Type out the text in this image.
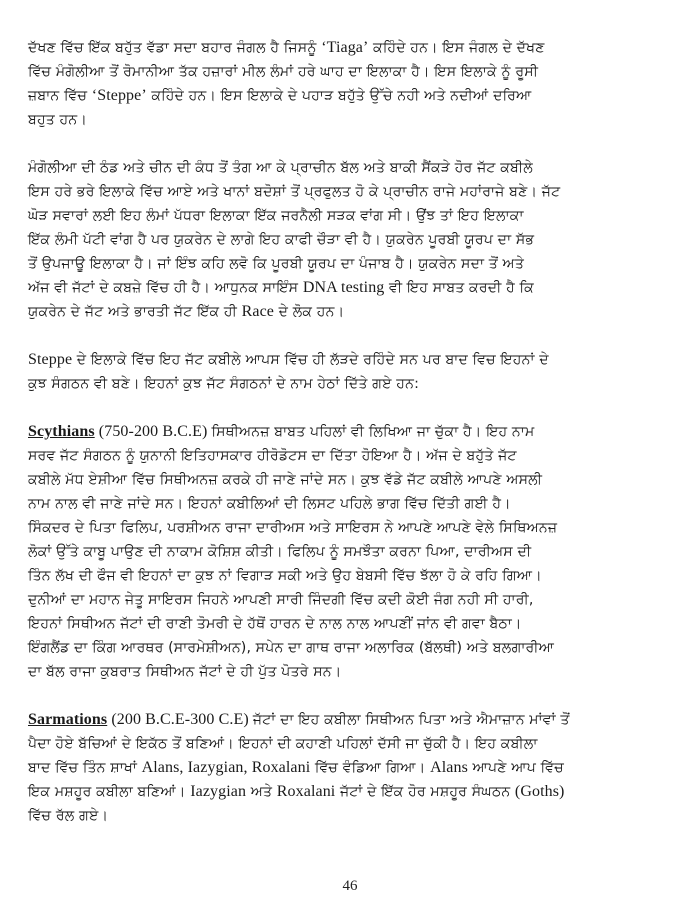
ਦੱਖਣ ਵਿੱਚ ਇੱਕ ਬਹੁੱਤ ਵੱਡਾ ਸਦਾ ਬਹਾਰ ਜੰਗਲ ਹੈ ਜਿਸਨੂੰ ‘Tiaga’ ਕਹਿੰਦੇ ਹਨ। ਇਸ ਜੰਗਲ ਦੇ ਦੱਖਣ
ਵਿੱਚ ਮੰਗੋਲੀਆ ਤੋਂ ਰੋਮਾਨੀਆ ਤੱਕ ਹਜ਼ਾਰਾਂ ਮੀਲ ਲੰਮਾਂ ਹਰੇ ਘਾਹ ਦਾ ਇਲਾਕਾ ਹੈ। ਇਸ ਇਲਾਕੇ ਨੂੰ ਰੂਸੀ
ਜ਼ਬਾਨ ਵਿੱਚ ‘Steppe’ ਕਹਿੰਦੇ ਹਨ। ਇਸ ਇਲਾਕੇ ਦੇ ਪਹਾੜ ਬਹੁੱਤੇ ਉੱਚੇ ਨਹੀ ਅਤੇ ਨਦੀਆਂ ਦਰਿਆ
ਬਹੁਤ ਹਨ।
ਮੰਗੋਲੀਆ ਦੀ ਠੰਡ ਅਤੇ ਚੀਨ ਦੀ ਕੰਧ ਤੋਂ ਤੰਗ ਆ ਕੇ ਪ੍ਰਾਚੀਨ ਬੱਲ ਅਤੇ ਬਾਕੀ ਸੈਂਕੜੇ ਹੋਰ ਜੱਟ ਕਬੀਲੇ
ਇਸ ਹਰੇ ਭਰੇ ਇਲਾਕੇ ਵਿੱਚ ਆਏ ਅਤੇ ਖਾਨਾਂ ਬਦੋਸ਼ਾਂ ਤੋਂ ਪ੍ਰਫੁਲਤ ਹੋ ਕੇ ਪ੍ਰਾਚੀਨ ਰਾਜੇ ਮਹਾਂਰਾਜੇ ਬਣੇ। ਜੱਟ
ਘੋੜ ਸਵਾਰਾਂ ਲਈ ਇਹ ਲੰਮਾਂ ਪੱਧਰਾ ਇਲਾਕਾ ਇੱਕ ਜਰਨੈਲੀ ਸੜਕ ਵਾਂਗ ਸੀ। ਉਂਝ ਤਾਂ ਇਹ ਇਲਾਕਾ
ਇੱਕ ਲੰਮੀ ਪੱਟੀ ਵਾਂਗ ਹੈ ਪਰ ਯੁਕਰੇਨ ਦੇ ਲਾਗੇ ਇਹ ਕਾਫੀ ਚੌੜਾ ਵੀ ਹੈ। ਯੁਕਰੇਨ ਪੂਰਬੀ ਯੂਰਪ ਦਾ ਸੱਭ
ਤੋਂ ਉਪਜਾਊ ਇਲਾਕਾ ਹੈ। ਜਾਂ ਇੰਝ ਕਹਿ ਲਵੋ ਕਿ ਪੂਰਬੀ ਯੂਰਪ ਦਾ ਪੰਜਾਬ ਹੈ। ਯੁਕਰੇਨ ਸਦਾ ਤੋਂ ਅਤੇ
ਅੱਜ ਵੀ ਜੱਟਾਂ ਦੇ ਕਬਜ਼ੇ ਵਿੱਚ ਹੀ ਹੈ। ਆਧੁਨਕ ਸਾਇੰਸ DNA testing ਵੀ ਇਹ ਸਾਬਤ ਕਰਦੀ ਹੈ ਕਿ
ਯੁਕਰੇਨ ਦੇ ਜੱਟ ਅਤੇ ਭਾਰਤੀ ਜੱਟ ਇੱਕ ਹੀ Race ਦੇ ਲੋਕ ਹਨ।
Steppe ਦੇ ਇਲਾਕੇ ਵਿੱਚ ਇਹ ਜੱਟ ਕਬੀਲੇ ਆਪਸ ਵਿੱਚ ਹੀ ਲੱੜਦੇ ਰਹਿੰਦੇ ਸਨ ਪਰ ਬਾਦ ਵਿਚ ਇਹਨਾਂ ਦੇ
ਕੁਝ ਸੰਗਠਨ ਵੀ ਬਣੇ। ਇਹਨਾਂ ਕੁਝ ਜੱਟ ਸੰਗਠਨਾਂ ਦੇ ਨਾਮ ਹੇਠਾਂ ਦਿੱਤੇ ਗਏ ਹਨ:
Scythians (750-200 B.C.E) ਸਿਥੀਅਨਜ਼ ਬਾਬਤ ਪਹਿਲਾਂ ਵੀ ਲਿਖਿਆ ਜਾ ਚੁੱਕਾ ਹੈ। ਇਹ ਨਾਮ
ਸਰਵ ਜੱਟ ਸੰਗਠਨ ਨੂੰ ਯੁਨਾਨੀ ਇਤਿਹਾਸਕਾਰ ਹੀਰੋਡੋਟਸ ਦਾ ਦਿੱਤਾ ਹੋਇਆ ਹੈ। ਅੱਜ ਦੇ ਬਹੁੱਤੇ ਜੱਟ
ਕਬੀਲੇ ਮੱਧ ਏਸ਼ੀਆ ਵਿੱਚ ਸਿਥੀਅਨਜ਼ ਕਰਕੇ ਹੀ ਜਾਣੇ ਜਾਂਦੇ ਸਨ। ਕੁਝ ਵੱਡੇ ਜੱਟ ਕਬੀਲੇ ਆਪਣੇ ਅਸਲੀ
ਨਾਮ ਨਾਲ ਵੀ ਜਾਣੇ ਜਾਂਦੇ ਸਨ। ਇਹਨਾਂ ਕਬੀਲਿਆਂ ਦੀ ਲਿਸਟ ਪਹਿਲੇ ਭਾਗ ਵਿੱਚ ਦਿੱਤੀ ਗਈ ਹੈ।
ਸਿੰਕਦਰ ਦੇ ਪਿਤਾ ਫਿਲਿਪ, ਪਰਸ਼ੀਅਨ ਰਾਜਾ ਦਾਰੀਅਸ ਅਤੇ ਸਾਇਰਸ ਨੇ ਆਪਣੇ ਆਪਣੇ ਵੇਲੇ ਸਿਥਿਅਨਜ਼
ਲੋਕਾਂ ਉੱਤੇ ਕਾਬੂ ਪਾਉਣ ਦੀ ਨਾਕਾਮ ਕੋਸ਼ਿਸ਼ ਕੀਤੀ। ਫਿਲਿਪ ਨੂੰ ਸਮਝੌਤਾ ਕਰਨਾ ਪਿਆ, ਦਾਰੀਅਸ ਦੀ
ਤਿੰਨ ਲੱਖ ਦੀ ਫੌਜ ਵੀ ਇਹਨਾਂ ਦਾ ਕੁਝ ਨਾਂ ਵਿਗਾੜ ਸਕੀ ਅਤੇ ਉਹ ਬੇਬਸੀ ਵਿੱਚ ਝੱਲਾ ਹੋ ਕੇ ਰਹਿ ਗਿਆ।
ਦੁਨੀਆਂ ਦਾ ਮਹਾਨ ਜੇਤੂ ਸਾਇਰਸ ਜਿਹਨੇ ਆਪਣੀ ਸਾਰੀ ਜਿੰਦਗੀ ਵਿੱਚ ਕਦੀ ਕੋਈ ਜੰਗ ਨਹੀ ਸੀ ਹਾਰੀ,
ਇਹਨਾਂ ਸਿਥੀਅਨ ਜੱਟਾਂ ਦੀ ਰਾਣੀ ਤੋਮਰੀ ਦੇ ਹੱਥੋਂ ਹਾਰਨ ਦੇ ਨਾਲ ਨਾਲ ਆਪਣੀਂ ਜਾਂਨ ਵੀ ਗਵਾ ਬੈਠਾ।
ਇੰਗਲੈਂਡ ਦਾ ਕਿੰਗ ਆਰਥਰ (ਸਾਰਮੇਸ਼ੀਅਨ), ਸਪੇਨ ਦਾ ਗਾਥ ਰਾਜਾ ਅਲਾਰਿਕ (ਬੱਲਥੀ) ਅਤੇ ਬਲਗਾਰੀਆ
ਦਾ ਬੱਲ ਰਾਜਾ ਕੁਬਰਾਤ ਸਿਥੀਅਨ ਜੱਟਾਂ ਦੇ ਹੀ ਪੁੱਤ ਪੋਤਰੇ ਸਨ।
Sarmations (200 B.C.E-300 C.E) ਜੱਟਾਂ ਦਾ ਇਹ ਕਬੀਲਾ ਸਿਥੀਅਨ ਪਿਤਾ ਅਤੇ ਐਮਾਜ਼ਾਨ ਮਾਂਵਾਂ ਤੋਂ
ਪੈਦਾ ਹੋਏ ਬੱਚਿਆਂ ਦੇ ਇਕੱਠ ਤੋਂ ਬਣਿਆਂ। ਇਹਨਾਂ ਦੀ ਕਹਾਣੀ ਪਹਿਲਾਂ ਦੱਸੀ ਜਾ ਚੁੱਕੀ ਹੈ। ਇਹ ਕਬੀਲਾ
ਬਾਦ ਵਿੱਚ ਤਿੰਨ ਸ਼ਾਖਾਂ Alans, Iazygian, Roxalani ਵਿੱਚ ਵੰਡਿਆ ਗਿਆ। Alans ਆਪਣੇ ਆਪ ਵਿੱਚ
ਇਕ ਮਸ਼ਹੂਰ ਕਬੀਲਾ ਬਣਿਆਂ। Iazygian ਅਤੇ Roxalani ਜੱਟਾਂ ਦੇ ਇੱਕ ਹੋਰ ਮਸ਼ਹੂਰ ਸੰਘਠਨ (Goths)
ਵਿੱਚ ਰੱਲ ਗਏ।
46
